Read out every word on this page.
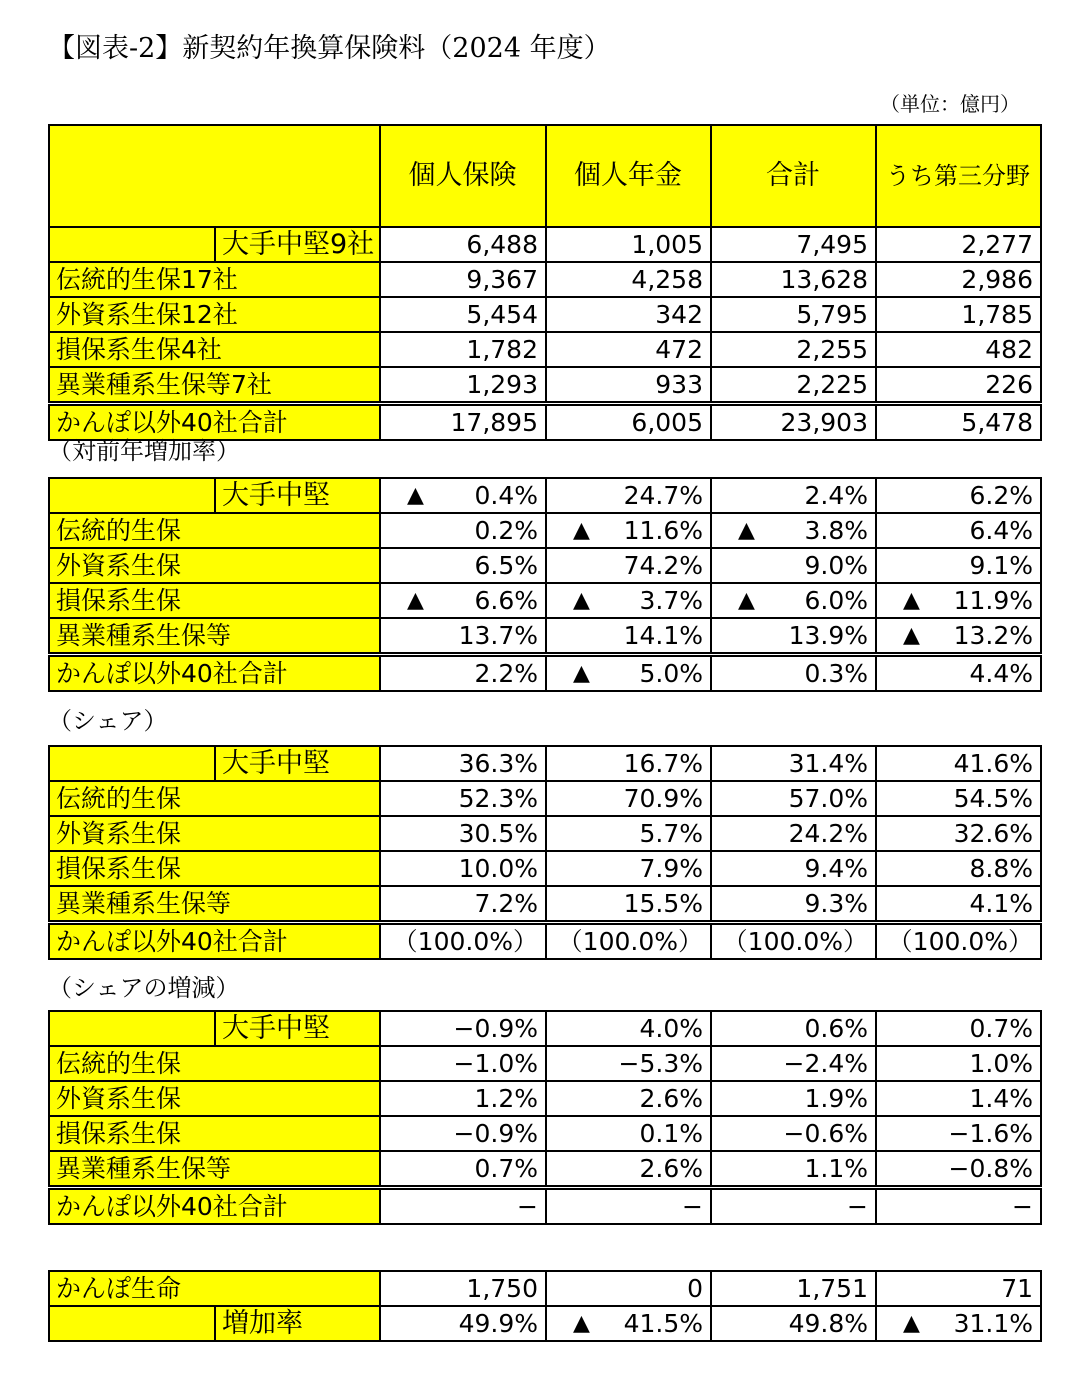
【図表-2】新契約年換算保険料（2024 年度）
（単位：億円）
	個人保険	個人年金	合計	うち第三分野

大手中堅9社	6,488	1,005	7,495	2,277
伝統的生保17社	9,367	4,258	13,628	2,986
外資系生保12社	5,454	342	5,795	1,785
損保系生保4社	1,782	472	2,255	482
異業種系生保等7社	1,293	933	2,225	226
かんぽ以外40社合計	17,895	6,005	23,903	5,478
（対前年増加率）
大手中堅	▲ 0.4%	24.7%	2.4%	6.2%
伝統的生保	0.2%	▲ 11.6%	▲ 3.8%	6.4%
外資系生保	6.5%	74.2%	9.0%	9.1%
損保系生保	▲ 6.6%	▲ 3.7%	▲ 6.0%	▲ 11.9%
異業種系生保等	13.7%	14.1%	13.9%	▲ 13.2%
かんぽ以外40社合計	2.2%	▲ 5.0%	0.3%	4.4%
（シェア）
大手中堅	36.3%	16.7%	31.4%	41.6%
伝統的生保	52.3%	70.9%	57.0%	54.5%
外資系生保	30.5%	5.7%	24.2%	32.6%
損保系生保	10.0%	7.9%	9.4%	8.8%
異業種系生保等	7.2%	15.5%	9.3%	4.1%
かんぽ以外40社合計	（100.0%）	（100.0%）	（100.0%）	（100.0%）
（シェアの増減）
大手中堅	−0.9%	4.0%	0.6%	0.7%
伝統的生保	−1.0%	−5.3%	−2.4%	1.0%
外資系生保	1.2%	2.6%	1.9%	1.4%
損保系生保	−0.9%	0.1%	−0.6%	−1.6%
異業種系生保等	0.7%	2.6%	1.1%	−0.8%
かんぽ以外40社合計	−	−	−	−
かんぽ生命	1,750	0	1,751	71

増加率	49.9%	▲ 41.5%	49.8%	▲ 31.1%
